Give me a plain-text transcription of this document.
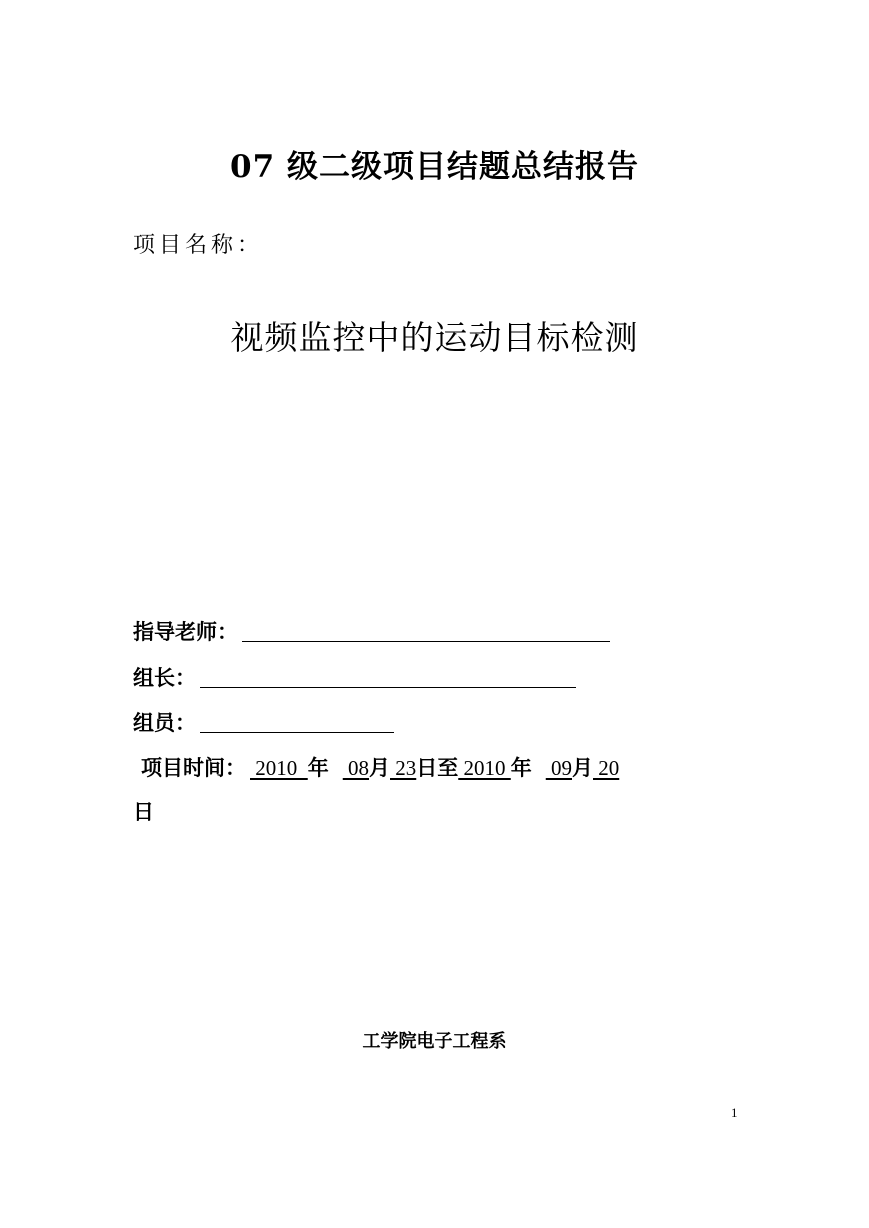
07 级二级项目结题总结报告
项目名称：
视频监控中的运动目标检测
指导老师：
组长：
组员：
项目时间： 2010 年 08 月 23 日至 2010 年 09 月 20
日
工学院电子工程系
1
